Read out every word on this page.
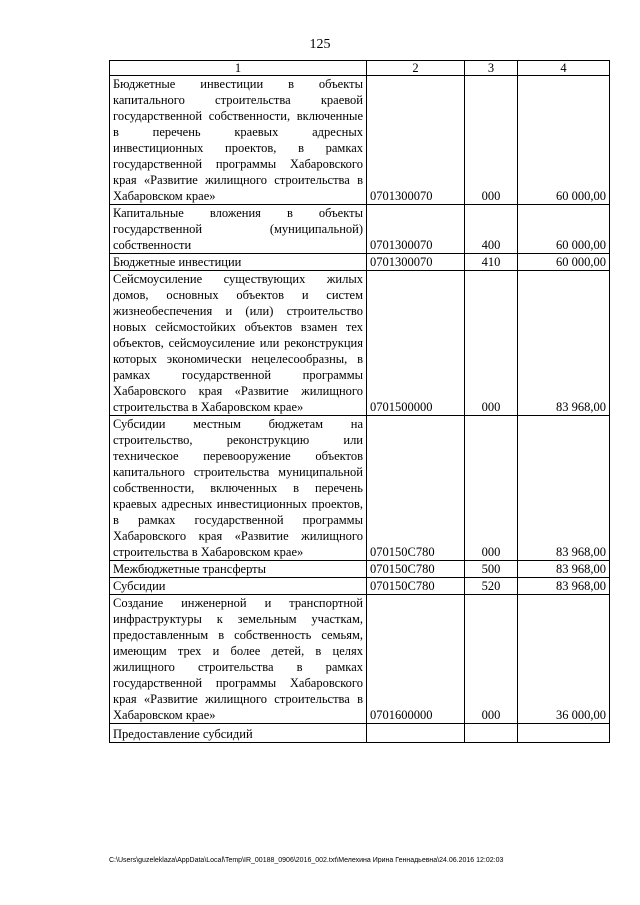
125
1	2	3	4
Бюджетные инвестиции в объекты капитального строительства краевой государственной собственности, включенные в перечень краевых адресных инвестиционных проектов, в рамках государственной программы Хабаровского края «Развитие жилищного строительства в Хабаровском крае»	0701300070	000	60 000,00
Капитальные вложения в объекты государственной (муниципальной) собственности	0701300070	400	60 000,00
Бюджетные инвестиции	0701300070	410	60 000,00
Сейсмоусиление существующих жилых домов, основных объектов и систем жизнеобеспечения и (или) строительство новых сейсмостойких объектов взамен тех объектов, сейсмоусиление или реконструкция которых экономически нецелесообразны, в рамках государственной программы Хабаровского края «Развитие жилищного строительства в Хабаровском крае»	0701500000	000	83 968,00
Субсидии местным бюджетам на строительство, реконструкцию или техническое перевооружение объектов капитального строительства муниципальной собственности, включенных в перечень краевых адресных инвестиционных проектов, в рамках государственной программы Хабаровского края «Развитие жилищного строительства в Хабаровском крае»	070150С780	000	83 968,00
Межбюджетные трансферты	070150С780	500	83 968,00
Субсидии	070150С780	520	83 968,00
Создание инженерной и транспортной инфраструктуры к земельным участкам, предоставленным в собственность семьям, имеющим трех и более детей, в целях жилищного строительства в рамках государственной программы Хабаровского края «Развитие жилищного строительства в Хабаровском крае»	0701600000	000	36 000,00
Предоставление субсидий			
C:\Users\guzeleklaza\AppData\Local\Temp\IR_00188_0906\2016_002.txt\Мелехина Ирина Геннадьевна\24.06.2016 12:02:03
